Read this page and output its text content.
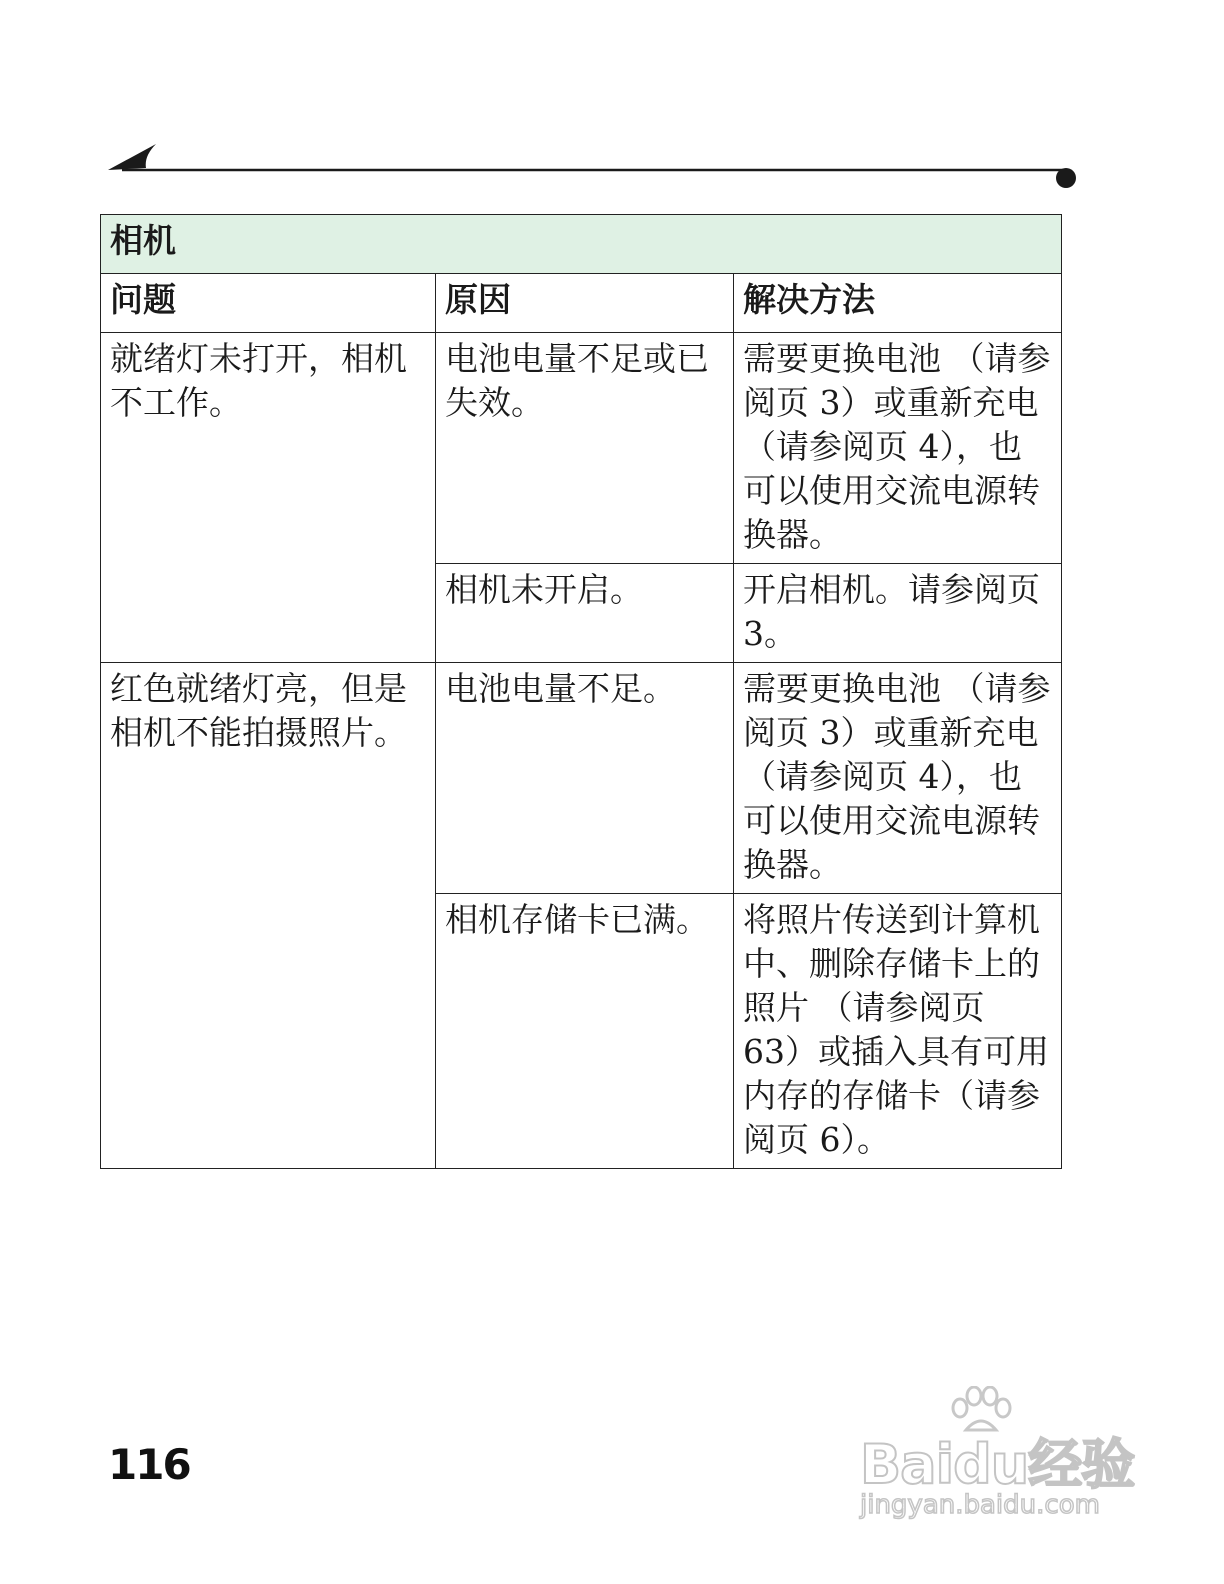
相机		
问题	原因	解决方法
就绪灯未打开，相机不工作。	电池电量不足或已失效。	需要更换电池 （请参阅页 3）或重新充电 （请参阅页 4），也可以使用交流电源转换器。
	相机未开启。	开启相机。请参阅页 3。
红色就绪灯亮，但是相机不能拍摄照片。	电池电量不足。	需要更换电池 （请参阅页 3）或重新充电 （请参阅页 4），也可以使用交流电源转换器。
	相机存储卡已满。	将照片传送到计算机中、删除存储卡上的照片 （请参阅页 63）或插入具有可用内存的存储卡（请参阅页 6）。
116	Baidu经验
jingyan.baidu.com
